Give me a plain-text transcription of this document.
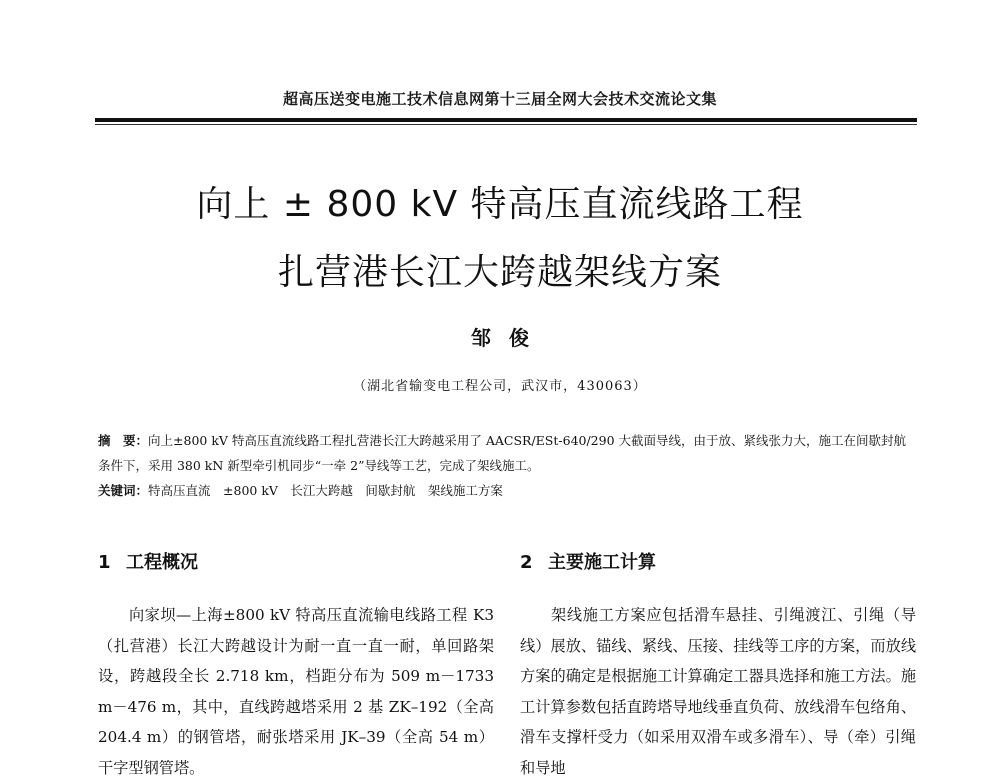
超高压送变电施工技术信息网第十三届全网大会技术交流论文集
向上 ± 800 kV 特高压直流线路工程
扎营港长江大跨越架线方案
邹俊
（湖北省输变电工程公司，武汉市，430063）

摘　要：向上±800 kV 特高压直流线路工程扎营港长江大跨越采用了 AACSR/ESt-640/290 大截面导线，由于放、紧线张力大，施工在间歇封航条件下，采用 380 kN 新型牵引机同步“一牵 2”导线等工艺，完成了架线施工。

关键词：特高压直流　±800 kV　长江大跨越　间歇封航　架线施工方案

1 工程概况

向家坝—上海±800 kV 特高压直流输电线路工程 K3（扎营港）长江大跨越设计为耐一直一直一耐，单回路架设，跨越段全长 2.718 km，档距分布为 509 m－1733 m－476 m，其中，直线跨越塔采用 2 基 ZK–192（全高 204.4 m）的钢管塔，耐张塔采用 JK–39（全高 54 m）干字型钢管塔。

2 主要施工计算

架线施工方案应包括滑车悬挂、引绳渡江、引绳（导线）展放、锚线、紧线、压接、挂线等工序的方案，而放线方案的确定是根据施工计算确定工器具选择和施工方法。施工计算参数包括直跨塔导地线垂直负荷、放线滑车包络角、滑车支撑杆受力（如采用双滑车或多滑车）、导（牵）引绳和导地
